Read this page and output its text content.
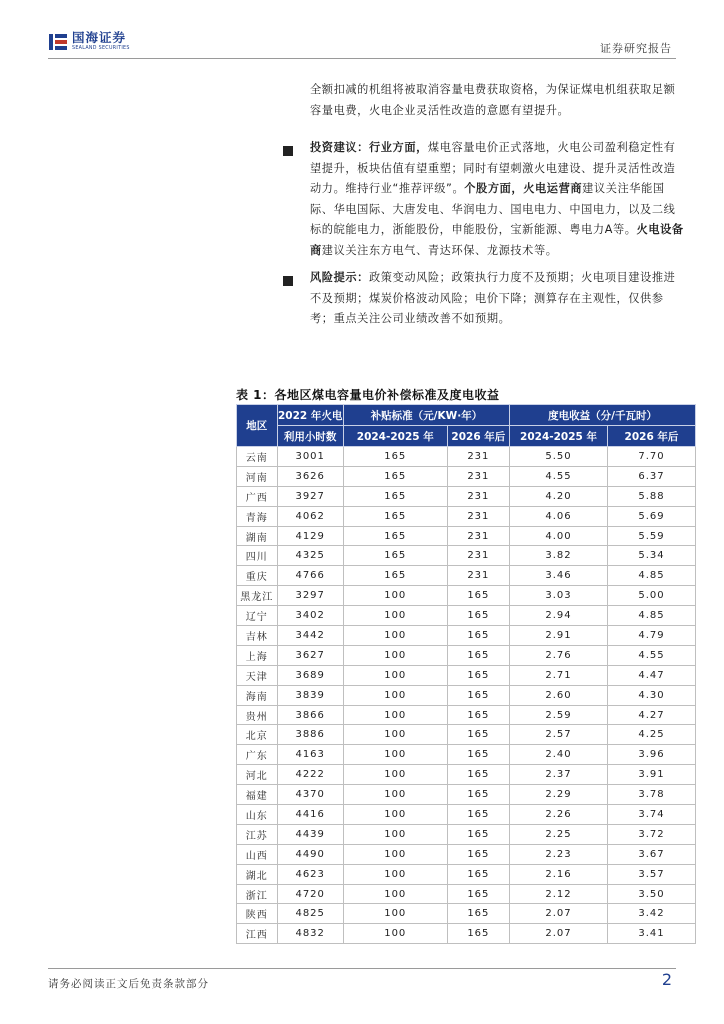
国海证券
SEALAND SECURITIES	证券研究报告
全额扣减的机组将被取消容量电费获取资格，为保证煤电机组获取足额容量电费，火电企业灵活性改造的意愿有望提升。
投资建议：行业方面，煤电容量电价正式落地，火电公司盈利稳定性有望提升，板块估值有望重塑；同时有望刺激火电建设、提升灵活性改造动力。维持行业“推荐评级”。个股方面，火电运营商建议关注华能国际、华电国际、大唐发电、华润电力、国电电力、中国电力，以及二线标的皖能电力，浙能股份，申能股份，宝新能源、粤电力A等。火电设备商建议关注东方电气、青达环保、龙源技术等。
风险提示：政策变动风险；政策执行力度不及预期；火电项目建设推进不及预期；煤炭价格波动风险；电价下降；测算存在主观性，仅供参考；重点关注公司业绩改善不如预期。
表 1：各地区煤电容量电价补偿标准及度电收益
地区	2022 年火电	补贴标准（元/KW·年）		度电收益（分/千瓦时）	
	利用小时数	2024-2025 年	2026 年后	2024-2025 年	2026 年后
云南	3001	165	231	5.50	7.70
河南	3626	165	231	4.55	6.37
广西	3927	165	231	4.20	5.88
青海	4062	165	231	4.06	5.69
湖南	4129	165	231	4.00	5.59
四川	4325	165	231	3.82	5.34
重庆	4766	165	231	3.46	4.85
黑龙江	3297	100	165	3.03	5.00
辽宁	3402	100	165	2.94	4.85
吉林	3442	100	165	2.91	4.79
上海	3627	100	165	2.76	4.55
天津	3689	100	165	2.71	4.47
海南	3839	100	165	2.60	4.30
贵州	3866	100	165	2.59	4.27
北京	3886	100	165	2.57	4.25
广东	4163	100	165	2.40	3.96
河北	4222	100	165	2.37	3.91
福建	4370	100	165	2.29	3.78
山东	4416	100	165	2.26	3.74
江苏	4439	100	165	2.25	3.72
山西	4490	100	165	2.23	3.67
湖北	4623	100	165	2.16	3.57
浙江	4720	100	165	2.12	3.50
陕西	4825	100	165	2.07	3.42
江西	4832	100	165	2.07	3.41
请务必阅读正文后免责条款部分	2
